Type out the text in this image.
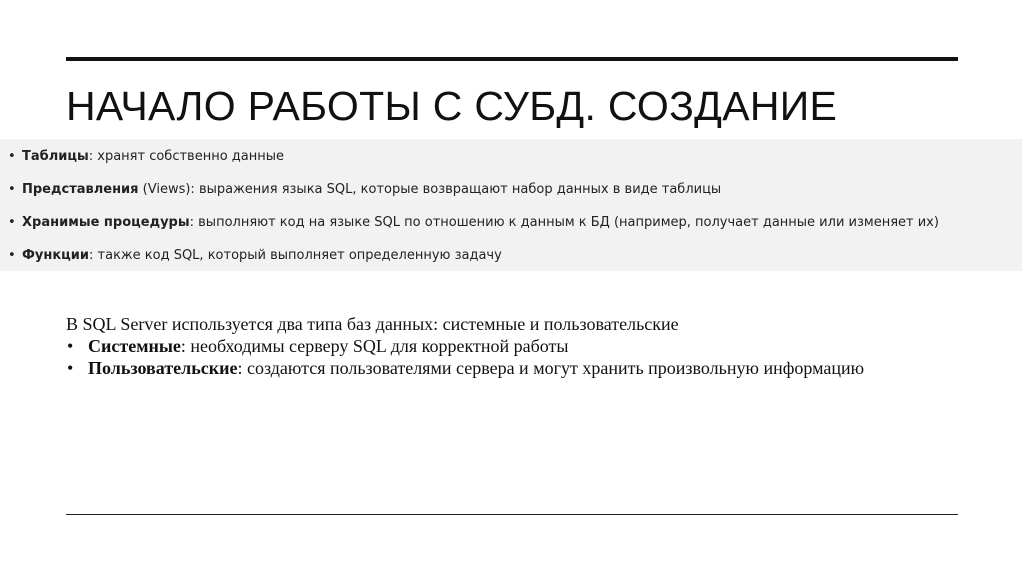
НАЧАЛО РАБОТЫ С СУБД. СОЗДАНИЕ
• Таблицы: хранят собственно данные
• Представления (Views): выражения языка SQL, которые возвращают набор данных в виде таблицы
• Хранимые процедуры: выполняют код на языке SQL по отношению к данным к БД (например, получает данные или изменяет их)
• Функции: также код SQL, который выполняет определенную задачу

В SQL Server используется два типа баз данных: системные и пользовательские

• Системные: необходимы серверу SQL для корректной работы
• Пользовательские: создаются пользователями сервера и могут хранить произвольную информацию
